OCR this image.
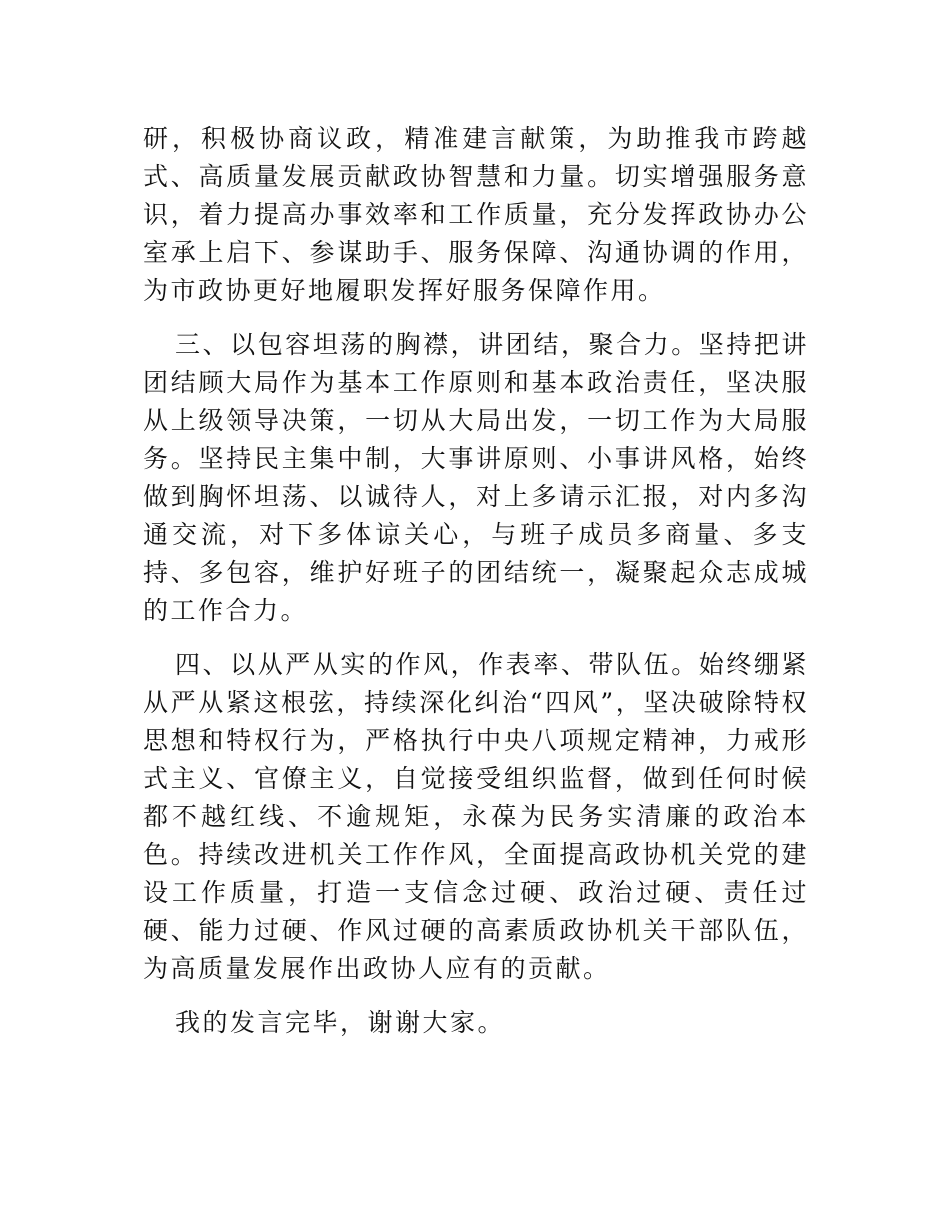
研，积极协商议政，精准建言献策，为助推我市跨越式、高质量发展贡献政协智慧和力量。切实增强服务意识，着力提高办事效率和工作质量，充分发挥政协办公室承上启下、参谋助手、服务保障、沟通协调的作用，为市政协更好地履职发挥好服务保障作用。

三、以包容坦荡的胸襟，讲团结，聚合力。坚持把讲团结顾大局作为基本工作原则和基本政治责任，坚决服从上级领导决策，一切从大局出发，一切工作为大局服务。坚持民主集中制，大事讲原则、小事讲风格，始终做到胸怀坦荡、以诚待人，对上多请示汇报，对内多沟通交流，对下多体谅关心，与班子成员多商量、多支持、多包容，维护好班子的团结统一，凝聚起众志成城的工作合力。

四、以从严从实的作风，作表率、带队伍。始终绷紧从严从紧这根弦，持续深化纠治“四风”，坚决破除特权思想和特权行为，严格执行中央八项规定精神，力戒形式主义、官僚主义，自觉接受组织监督，做到任何时候都不越红线、不逾规矩，永葆为民务实清廉的政治本色。持续改进机关工作作风，全面提高政协机关党的建设工作质量，打造一支信念过硬、政治过硬、责任过硬、能力过硬、作风过硬的高素质政协机关干部队伍，为高质量发展作出政协人应有的贡献。

我的发言完毕，谢谢大家。
